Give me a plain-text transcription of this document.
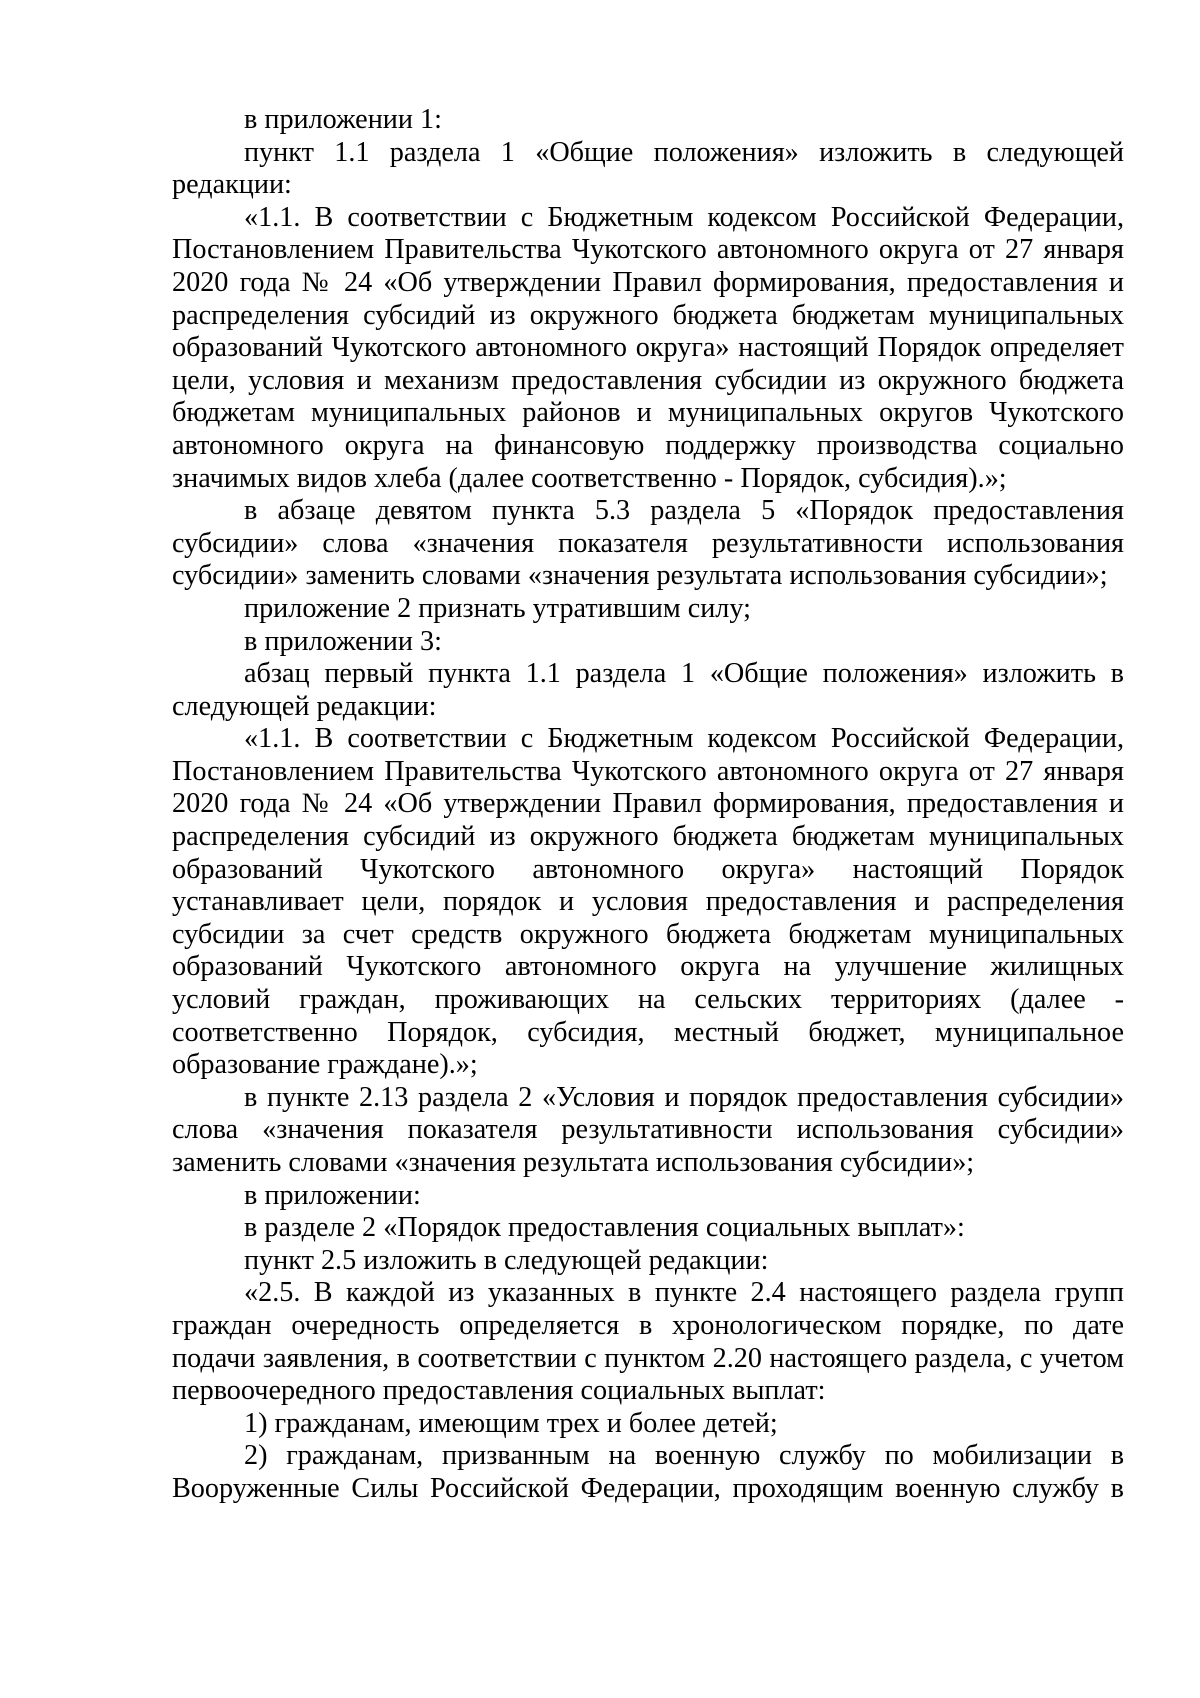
в приложении 1:

пункт 1.1 раздела 1 «Общие положения» изложить в следующей редакции:

«1.1. В соответствии с Бюджетным кодексом Российской Федерации, Постановлением Правительства Чукотского автономного округа от 27 января 2020 года № 24 «Об утверждении Правил формирования, предоставления и распределения субсидий из окружного бюджета бюджетам муниципальных образований Чукотского автономного округа» настоящий Порядок определяет цели, условия и механизм предоставления субсидии из окружного бюджета бюджетам муниципальных районов и муниципальных округов Чукотского автономного округа на финансовую поддержку производства социально значимых видов хлеба (далее соответственно - Порядок, субсидия).»;

в абзаце девятом пункта 5.3 раздела 5 «Порядок предоставления субсидии» слова «значения показателя результативности использования субсидии» заменить словами «значения результата использования субсидии»;

приложение 2 признать утратившим силу;

в приложении 3:

абзац первый пункта 1.1 раздела 1 «Общие положения» изложить в следующей редакции:

«1.1. В соответствии с Бюджетным кодексом Российской Федерации, Постановлением Правительства Чукотского автономного округа от 27 января 2020 года № 24 «Об утверждении Правил формирования, предоставления и распределения субсидий из окружного бюджета бюджетам муниципальных образований Чукотского автономного округа» настоящий Порядок устанавливает цели, порядок и условия предоставления и распределения субсидии за счет средств окружного бюджета бюджетам муниципальных образований Чукотского автономного округа на улучшение жилищных условий граждан, проживающих на сельских территориях (далее - соответственно Порядок, субсидия, местный бюджет, муниципальное образование граждане).»;

в пункте 2.13 раздела 2 «Условия и порядок предоставления субсидии» слова «значения показателя результативности использования субсидии» заменить словами «значения результата использования субсидии»;

в приложении:

в разделе 2 «Порядок предоставления социальных выплат»:

пункт 2.5 изложить в следующей редакции:

«2.5. В каждой из указанных в пункте 2.4 настоящего раздела групп граждан очередность определяется в хронологическом порядке, по дате подачи заявления, в соответствии с пунктом 2.20 настоящего раздела, с учетом первоочередного предоставления социальных выплат:

1) гражданам, имеющим трех и более детей;

2) гражданам, призванным на военную службу по мобилизации в Вооруженные Силы Российской Федерации, проходящим военную службу в
